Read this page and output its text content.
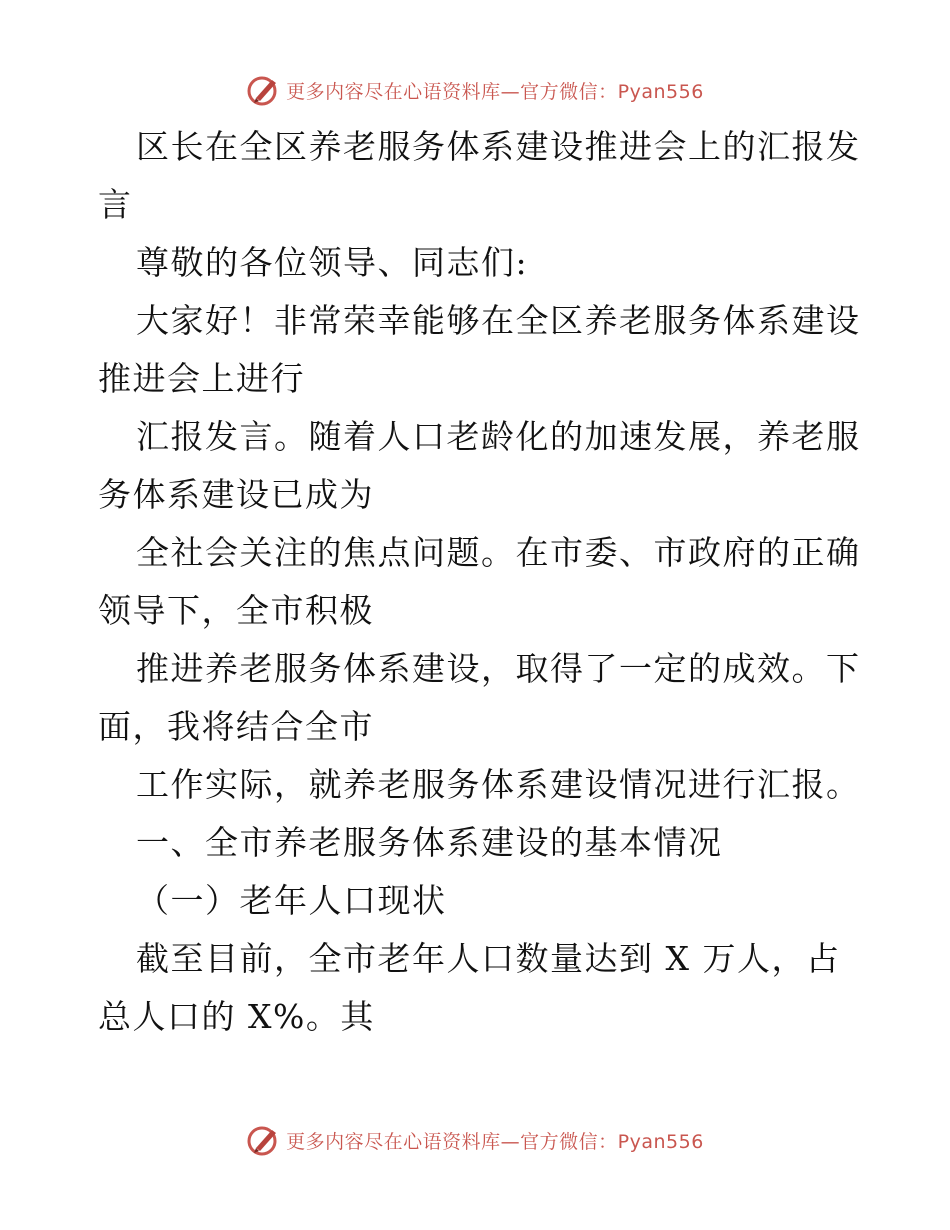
更多内容尽在心语资料库—官方微信：Pyan556
区长在全区养老服务体系建设推进会上的汇报发
言
尊敬的各位领导、同志们:
大家好！非常荣幸能够在全区养老服务体系建设
推进会上进行
汇报发言。随着人口老龄化的加速发展，养老服
务体系建设已成为
全社会关注的焦点问题。在市委、市政府的正确
领导下，全市积极
推进养老服务体系建设，取得了一定的成效。下
面，我将结合全市
工作实际，就养老服务体系建设情况进行汇报。
一、全市养老服务体系建设的基本情况
（一）老年人口现状
截至目前，全市老年人口数量达到 X 万人，占
总人口的 X%。其
更多内容尽在心语资料库—官方微信：Pyan556
